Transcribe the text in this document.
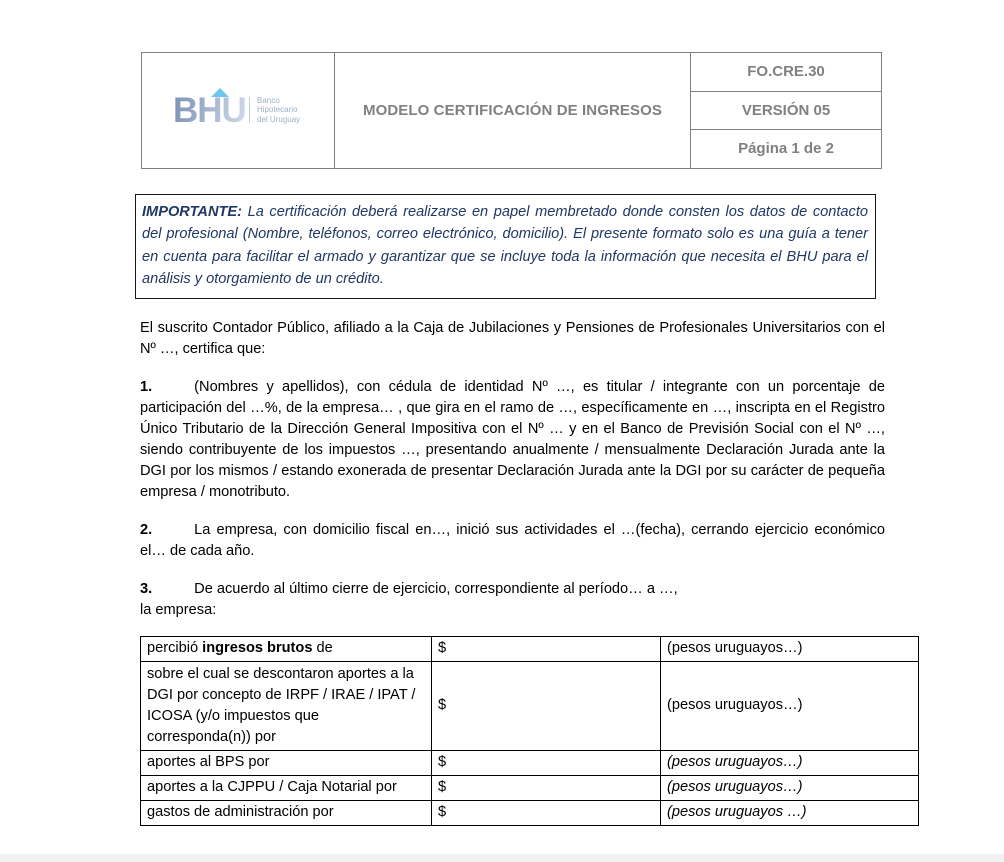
BHU Banco
Hipotecario
del Uruguay
	MODELO CERTIFICACIÓN DE INGRESOS	FO.CRE.30
VERSIÓN 05
Página 1 de 2

IMPORTANTE: La certificación deberá realizarse en papel membretado donde consten los datos de contacto del profesional (Nombre, teléfonos, correo electrónico, domicilio). El presente formato solo es una guía a tener en cuenta para facilitar el armado y garantizar que se incluye toda la información que necesita el BHU para el análisis y otorgamiento de un crédito.

El suscrito Contador Público, afiliado a la Caja de Jubilaciones y Pensiones de Profesionales Universitarios con el Nº …, certifica que:

1.	(Nombres y apellidos), con cédula de identidad Nº …, es titular / integrante con un porcentaje de participación del …%, de la empresa… , que gira en el ramo de …, específicamente en …, inscripta en el Registro Único Tributario de la Dirección General Impositiva con el Nº … y en el Banco de Previsión Social con el Nº …, siendo contribuyente de los impuestos …, presentando anualmente / mensualmente Declaración Jurada ante la DGI por los mismos / estando exonerada de presentar Declaración Jurada ante la DGI por su carácter de pequeña empresa / monotributo.

2.	La empresa, con domicilio fiscal en…, inició sus actividades el …(fecha), cerrando ejercicio económico el… de cada año.

3.	De acuerdo al último cierre de ejercicio, correspondiente al período… a …,
la empresa:

percibió ingresos brutos de	$	(pesos uruguayos…)
sobre el cual se descontaron aportes a la DGI por concepto de IRPF / IRAE / IPAT / ICOSA (y/o impuestos que corresponda(n)) por	$	(pesos uruguayos…)
aportes al BPS por	$	(pesos uruguayos…)
aportes a la CJPPU / Caja Notarial por	$	(pesos uruguayos…)
gastos de administración por	$	(pesos uruguayos …)
